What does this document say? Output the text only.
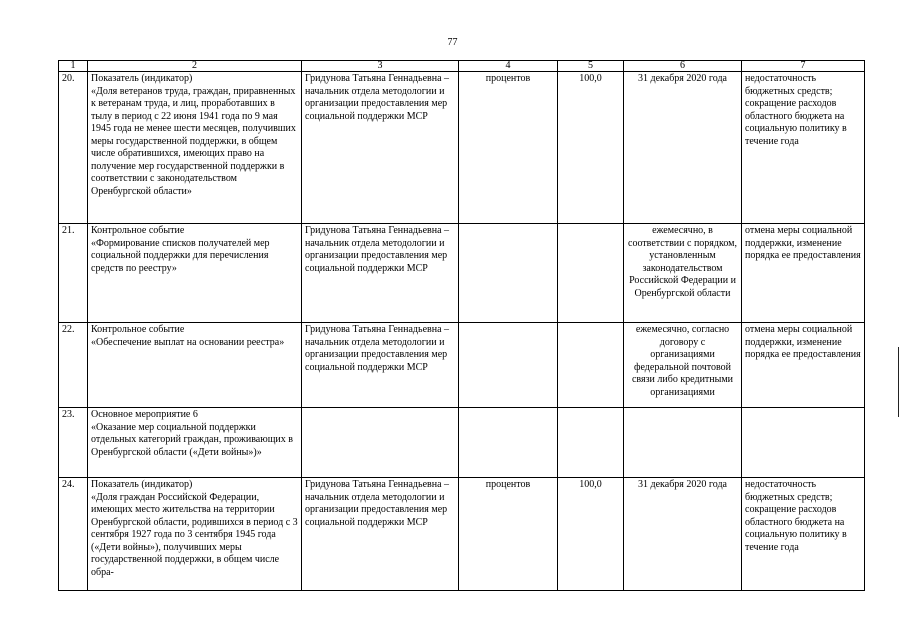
77
1	2	3	4	5	6	7
20.	Показатель (индикатор)
«Доля ветеранов труда, граждан, приравненных к ветеранам труда, и лиц, проработавших в тылу в период с 22 июня 1941 года по 9 мая 1945 года не менее шести месяцев, получивших меры государственной поддержки, в общем числе обратившихся, имеющих право на получение мер государственной поддержки в соответствии с законодательством Оренбургской области»	Гридунова Татьяна Геннадьевна – начальник отдела методологии и организации предоставления мер социальной поддержки МСР	процентов	100,0	31 декабря 2020 года	недостаточность бюджетных средств; сокращение расходов областного бюджета на социальную политику в течение года
21.	Контрольное событие
«Формирование списков получателей мер социальной поддержки для перечисления средств по реестру»	Гридунова Татьяна Геннадьевна – начальник отдела методологии и организации предоставления мер социальной поддержки МСР			ежемесячно, в соответствии с порядком, установленным законодательством Российской Федерации и Оренбургской области	отмена меры социальной поддержки, изменение порядка ее предоставления
22.	Контрольное событие
«Обеспечение выплат на основании реестра»	Гридунова Татьяна Геннадьевна – начальник отдела методологии и организации предоставления мер социальной поддержки МСР			ежемесячно, согласно договору с организациями федеральной почтовой связи либо кредитными организациями	отмена меры социальной поддержки, изменение порядка ее предоставления
23.	Основное мероприятие 6
«Оказание мер социальной поддержки отдельных категорий граждан, проживающих в Оренбургской области («Дети войны»)»					

24.	Показатель (индикатор)
«Доля граждан Российской Федерации, имеющих место жительства на территории Оренбургской области, родившихся в период с 3 сентября 1927 года по 3 сентября 1945 года («Дети войны»), получивших меры государственной поддержки, в общем числе обра-	Гридунова Татьяна Геннадьевна – начальник отдела методологии и организации предоставления мер социальной поддержки МСР	процентов	100,0	31 декабря 2020 года	недостаточность бюджетных средств; сокращение расходов областного бюджета на социальную политику в течение года
